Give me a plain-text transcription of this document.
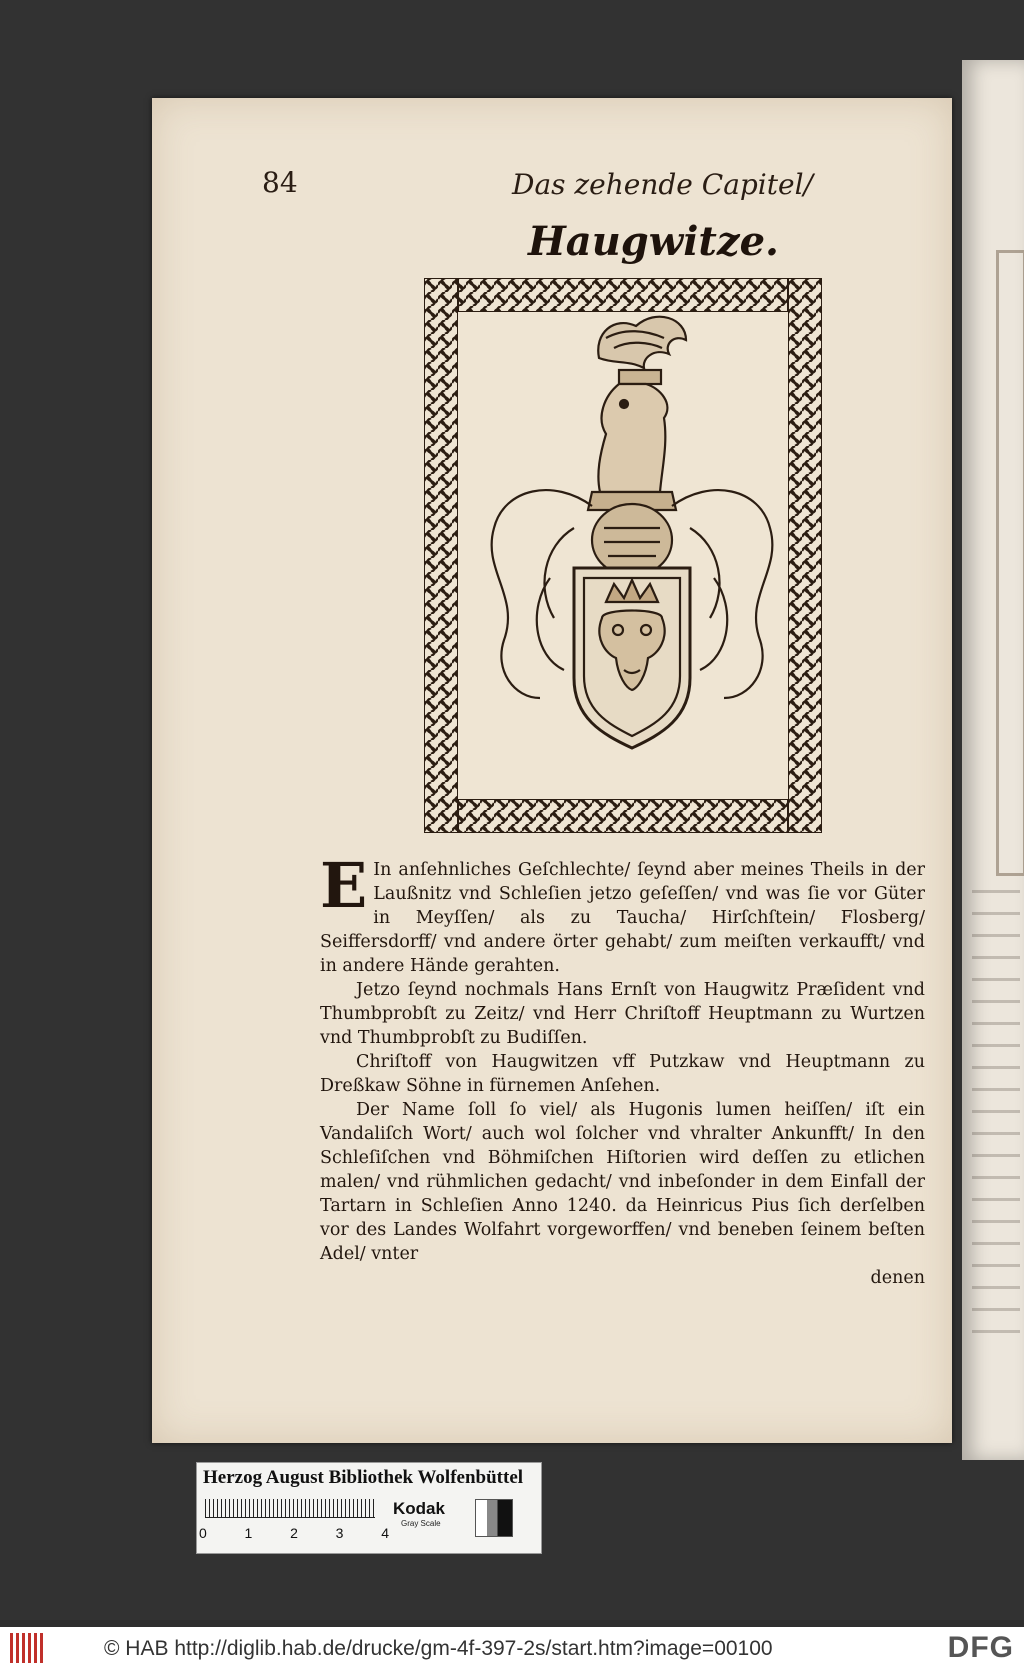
84	Das zehende Capitel/
Haugwitze.

E In anſehnliches Geſchlechte/ ſeynd aber meines Theils in der Laußnitz vnd Schleſien jetzo geſeſſen/ vnd was ſie vor Güter in Meyſſen/ als zu Taucha/ Hirſchſtein/ Flosberg/ Seiffersdorff/ vnd andere örter gehabt/ zum meiſten verkaufft/ vnd in andere Hände gerahten.

Jetzo ſeynd nochmals Hans Ernſt von Haugwitz Præſident vnd Thumbprobſt zu Zeitz/ vnd Herr Chriſtoff Heuptmann zu Wurtzen vnd Thumbprobſt zu Budiſſen.

Chriſtoff von Haugwitzen vff Putzkaw vnd Heuptmann zu Dreßkaw Söhne in fürnemen Anſehen.

Der Name ſoll ſo viel/ als Hugonis lumen heiſſen/ iſt ein Vandaliſch Wort/ auch wol ſolcher vnd vhralter Ankunfft/ In den Schleſiſchen vnd Böhmiſchen Hiſtorien wird deſſen zu etlichen malen/ vnd rühmlichen gedacht/ vnd inbeſonder in dem Einfall der Tartarn in Schleſien Anno 1240. da Heinricus Pius ſich derſelben vor des Landes Wolfahrt vorgeworffen/ vnd beneben ſeinem beſten Adel/ vnter

denen

Herzog August Bibliothek Wolfenbüttel
0	1	2	3	4
Kodak
Gray Scale
© HAB http://diglib.hab.de/drucke/gm-4f-397-2s/start.htm?image=00100	DFG
